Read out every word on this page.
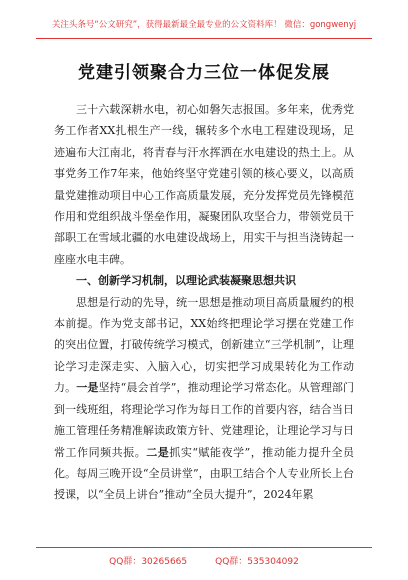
关注头条号“公文研究”，获得最新最全最专业的公文资料库！ 微信：gongwenyj
党建引领聚合力三位一体促发展

三十六载深耕水电，初心如磐矢志报国。多年来，优秀党务工作者XX扎根生产一线，辗转多个水电工程建设现场，足迹遍布大江南北，将青春与汗水挥洒在水电建设的热土上。从事党务工作7年来，他始终坚守党建引领的核心要义，以高质量党建推动项目中心工作高质量发展，充分发挥党员先锋模范作用和党组织战斗堡垒作用，凝聚团队攻坚合力，带领党员干部职工在雪域北疆的水电建设战场上，用实干与担当浇铸起一座座水电丰碑。

一、创新学习机制，以理论武装凝聚思想共识

思想是行动的先导，统一思想是推动项目高质量履约的根本前提。作为党支部书记，XX始终把理论学习摆在党建工作的突出位置，打破传统学习模式，创新建立“三学机制”，让理论学习走深走实、入脑入心，切实把学习成果转化为工作动力。一是坚持“晨会首学”，推动理论学习常态化。从管理部门到一线班组，将理论学习作为每日工作的首要内容，结合当日施工管理任务精准解读政策方针、党建理论，让理论学习与日常工作同频共振。二是抓实“赋能夜学”，推动能力提升全员化。每周三晚开设“全员讲堂”，由职工结合个人专业所长上台授课，以“全员上讲台”推动“全员大提升”，2024年累

QQ群：30265665	QQ群：535304092
